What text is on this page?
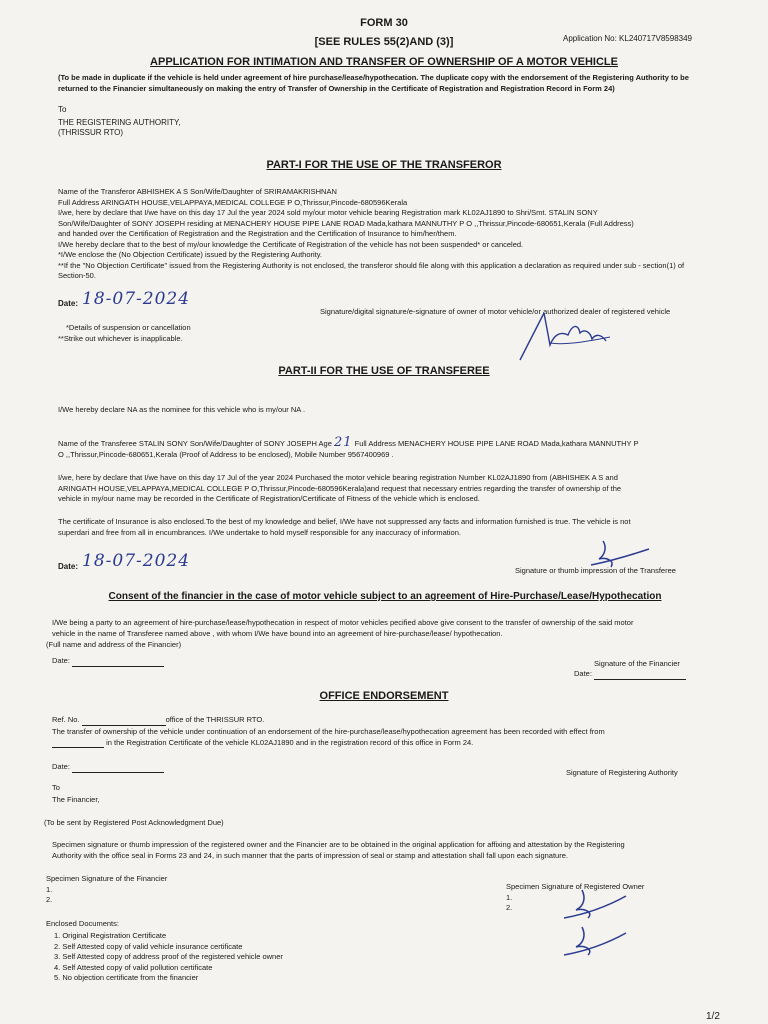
FORM 30
Application No: KL240717V8598349
[SEE RULES 55(2)AND (3)]
APPLICATION FOR INTIMATION AND TRANSFER OF OWNERSHIP OF A MOTOR VEHICLE
(To be made in duplicate if the vehicle is held under agreement of hire purchase/lease/hypothecation. The duplicate copy with the endorsement of the Registering Authority to be returned to the Financier simultaneously on making the entry of Transfer of Ownership in the Certificate of Registration and Registration Record in Form 24)
To
THE REGISTERING AUTHORITY,
(THRISSUR RTO)
PART-I FOR THE USE OF THE TRANSFEROR
Name of the Transferor ABHISHEK A S Son/Wife/Daughter of SRIRAMAKRISHNAN
Full Address ARINGATH HOUSE,VELAPPAYA,MEDICAL COLLEGE P O,Thrissur,Pincode-680596Kerala
I/we, here by declare that I/we have on this day 17 Jul the year 2024 sold my/our motor vehicle bearing Registration mark KL02AJ1890 to Shri/Smt. STALIN SONY
Son/Wife/Daughter of SONY JOSEPH residing at MENACHERY HOUSE PIPE LANE ROAD Mada,kathara MANNUTHY P O ,,Thrissur,Pincode-680651,Kerala (Full Address)
and handed over the Certification of Registration and the Registration and the Certification of Insurance to him/her/them.
I/We hereby declare that to the best of my/our knowledge the Certificate of Registration of the vehicle has not been suspended* or canceled.
*I/We enclose the (No Objection Certificate) issued by the Registering Authority.
**If the "No Objection Certificate" issued from the Registering Authority is not enclosed, the transferor should file along with this application a declaration as required under sub - section(1) of Section-50.
Date: 18-07-2024
Signature/digital signature/e-signature of owner of motor vehicle/or authorized dealer of registered vehicle
*Details of suspension or cancellation
**Strike out whichever is inapplicable.
PART-II FOR THE USE OF TRANSFEREE
I/We hereby declare NA as the nominee for this vehicle who is my/our NA .
Name of the Transferee STALIN SONY Son/Wife/Daughter of SONY JOSEPH Age 21 Full Address MENACHERY HOUSE PIPE LANE ROAD Mada,kathara MANNUTHY P
O ,,Thrissur,Pincode-680651,Kerala (Proof of Address to be enclosed), Mobile Number 9567400969 .
I/we, here by declare that I/we have on this day 17 Jul of the year 2024 Purchased the motor vehicle bearing registration Number KL02AJ1890 from (ABHISHEK A S and
ARINGATH HOUSE,VELAPPAYA,MEDICAL COLLEGE P O,Thrissur,Pincode-680596Kerala)and request that necessary entries regarding the transfer of ownership of the
vehicle in my/our name may be recorded in the Certificate of Registration/Certificate of Fitness of the vehicle which is enclosed.
The certificate of Insurance is also enclosed.To the best of my knowledge and belief, I/We have not suppressed any facts and information furnished is true. The vehicle is not
superdari and free from all in encumbrances. I/We undertake to hold myself responsible for any inaccuracy of information.
Date: 18-07-2024	Signature or thumb impression of the Transferee
Consent of the financier in the case of motor vehicle subject to an agreement of Hire-Purchase/Lease/Hypothecation
I/We being a party to an agreement of hire-purchase/lease/hypothecation in respect of motor vehicles pecified above give consent to the transfer of ownership of the said motor
vehicle in the name of Transferee named above , with whom I/We have bound into an agreement of hire-purchase/lease/ hypothecation.
(Full name and address of the Financier)
Date:	Signature of the Financier
Date:
OFFICE ENDORSEMENT
Ref. No.	office of the THRISSUR RTO.
The transfer of ownership of the vehicle under continuation of an endorsement of the hire-purchase/lease/hypothecation agreement has been recorded with effect from
in the Registration Certificate of the vehicle KL02AJ1890 and in the registration record of this office in Form 24.
Date:
Signature of Registering Authority
To
The Financier,
(To be sent by Registered Post Acknowledgment Due)
Specimen signature or thumb impression of the registered owner and the Financier are to be obtained in the original application for affixing and attestation by the Registering
Authority with the office seal in Forms 23 and 24, in such manner that the parts of impression of seal or stamp and attestation shall fall upon each signature.
Specimen Signature of the Financier
1.
2.
Specimen Signature of Registered Owner
1.
2.
Enclosed Documents:
1. Original Registration Certificate
2. Self Attested copy of valid vehicle insurance certificate
3. Self Attested copy of address proof of the registered vehicle owner
4. Self Attested copy of valid pollution certificate
5. No objection certificate from the financier
1/2
